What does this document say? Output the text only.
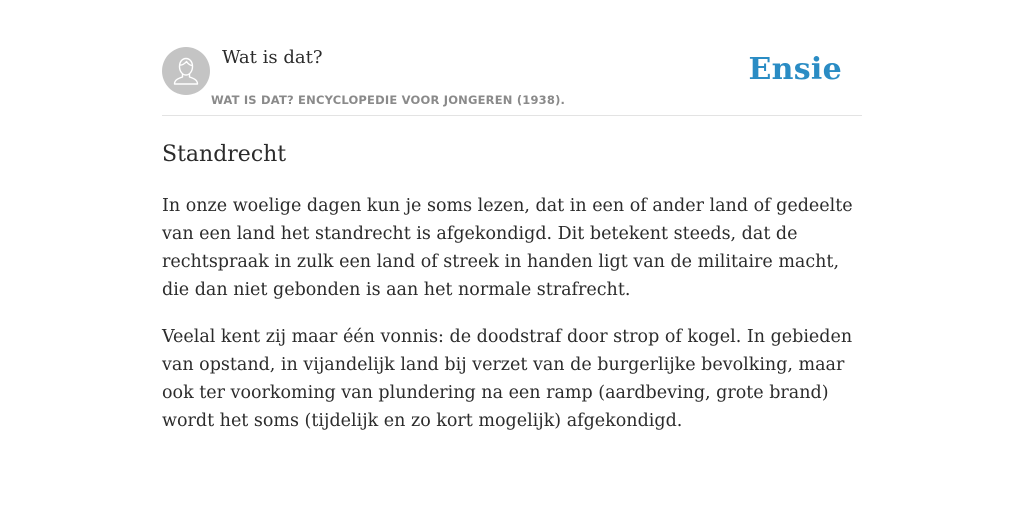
Wat is dat?
WAT IS DAT? ENCYCLOPEDIE VOOR JONGEREN (1938).
Ensie
Standrecht

In onze woelige dagen kun je soms lezen, dat in een of ander land of gedeelte van een land het standrecht is afgekondigd. Dit betekent steeds, dat de rechtspraak in zulk een land of streek in handen ligt van de militaire macht, die dan niet gebonden is aan het normale strafrecht.

Veelal kent zij maar één vonnis: de doodstraf door strop of kogel. In gebieden van opstand, in vijandelijk land bij verzet van de burgerlijke bevolking, maar ook ter voorkoming van plundering na een ramp (aardbeving, grote brand) wordt het soms (tijdelijk en zo kort mogelijk) afgekondigd.
